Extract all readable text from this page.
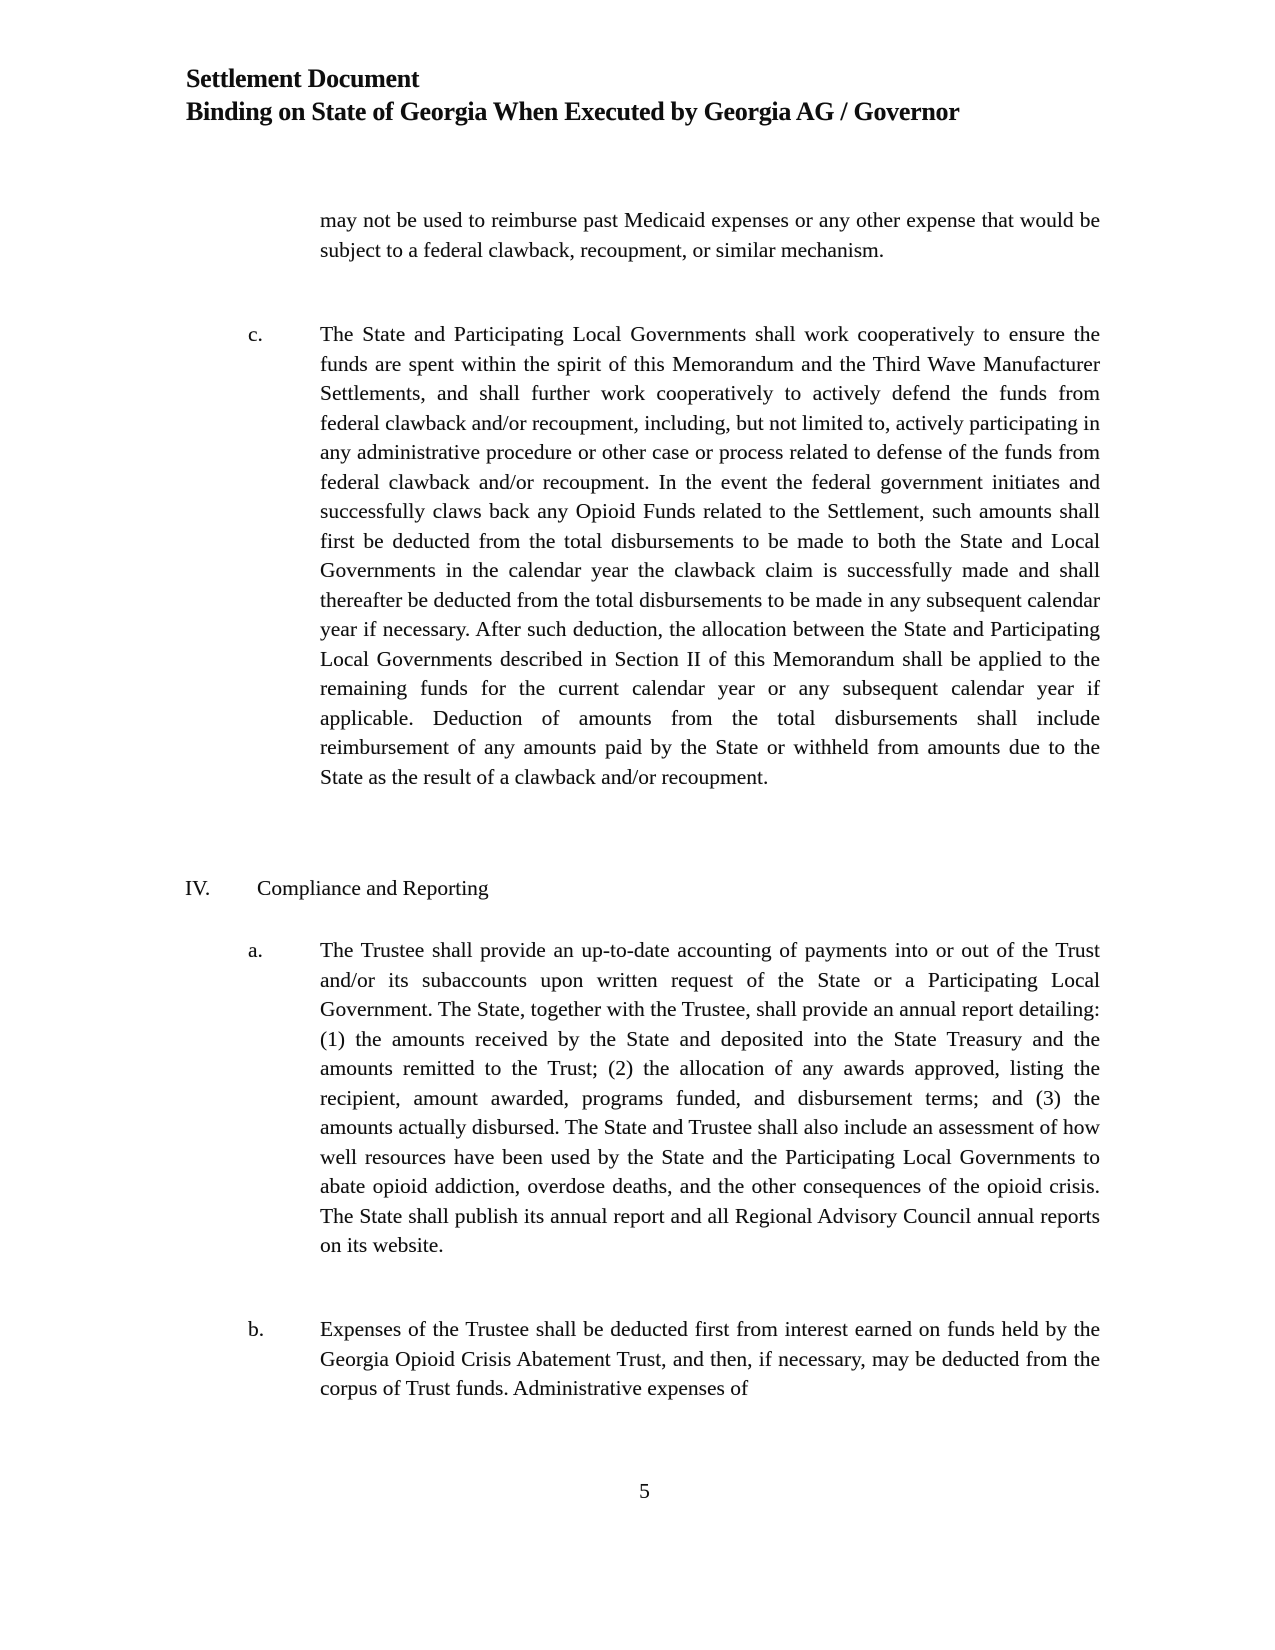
Settlement Document
Binding on State of Georgia When Executed by Georgia AG / Governor

may not be used to reimburse past Medicaid expenses or any other expense that would be subject to a federal clawback, recoupment, or similar mechanism.

c.	The State and Participating Local Governments shall work cooperatively to ensure the funds are spent within the spirit of this Memorandum and the Third Wave Manufacturer Settlements, and shall further work cooperatively to actively defend the funds from federal clawback and/or recoupment, including, but not limited to, actively participating in any administrative procedure or other case or process related to defense of the funds from federal clawback and/or recoupment. In the event the federal government initiates and successfully claws back any Opioid Funds related to the Settlement, such amounts shall first be deducted from the total disbursements to be made to both the State and Local Governments in the calendar year the clawback claim is successfully made and shall thereafter be deducted from the total disbursements to be made in any subsequent calendar year if necessary. After such deduction, the allocation between the State and Participating Local Governments described in Section II of this Memorandum shall be applied to the remaining funds for the current calendar year or any subsequent calendar year if applicable. Deduction of amounts from the total disbursements shall include reimbursement of any amounts paid by the State or withheld from amounts due to the State as the result of a clawback and/or recoupment.

IV. Compliance and Reporting
a.	The Trustee shall provide an up-to-date accounting of payments into or out of the Trust and/or its subaccounts upon written request of the State or a Participating Local Government. The State, together with the Trustee, shall provide an annual report detailing: (1) the amounts received by the State and deposited into the State Treasury and the amounts remitted to the Trust; (2) the allocation of any awards approved, listing the recipient, amount awarded, programs funded, and disbursement terms; and (3) the amounts actually disbursed. The State and Trustee shall also include an assessment of how well resources have been used by the State and the Participating Local Governments to abate opioid addiction, overdose deaths, and the other consequences of the opioid crisis. The State shall publish its annual report and all Regional Advisory Council annual reports on its website.

b.	Expenses of the Trustee shall be deducted first from interest earned on funds held by the Georgia Opioid Crisis Abatement Trust, and then, if necessary, may be deducted from the corpus of Trust funds. Administrative expenses of

5
